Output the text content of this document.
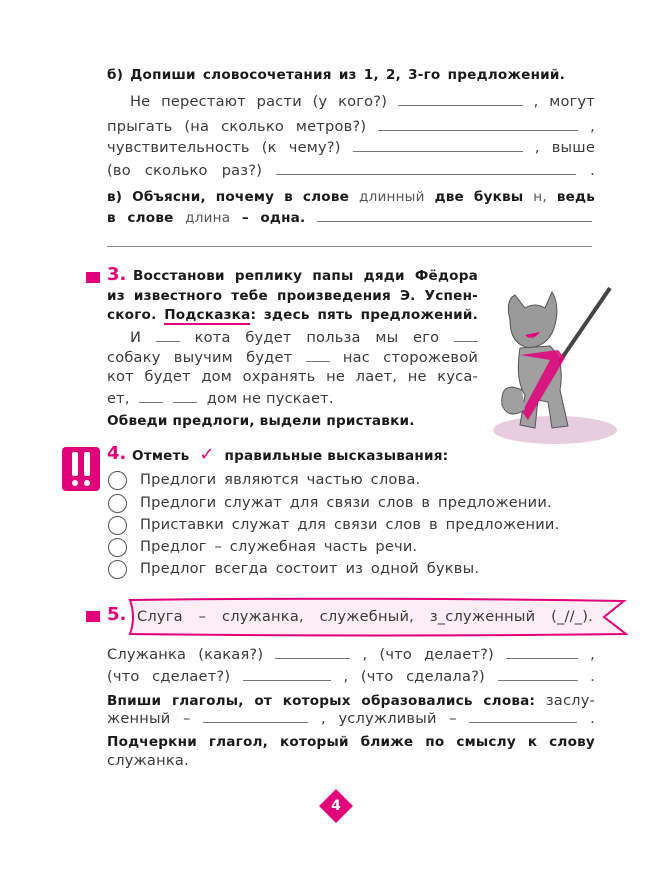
б) Допиши словосочетания из 1, 2, 3-го предложений.
Не перестают расти (у кого?)	, могут
прыгать (на сколько метров?)	,
чувствительность (к чему?)	, выше
(во сколько раз?)	.
в) Объясни, почему в слове длинный две буквы н, ведь
в слове длина – одна.
3. Восстанови реплику папы дяди Фёдора
из известного тебе произведения Э. Успен-
ского. Подсказка: здесь пять предложений.
И	кота будет польза мы его
собаку выучим будет	нас сторожевой
кот будет дом охранять не лает, не куса-
ет,	дом не пускает.
Обведи предлоги, выдели приставки.
4. Отметь ✓ правильные высказывания:
Предлоги являются частью слова.
Предлоги служат для связи слов в предложении.
Приставки служат для связи слов в предложении.
Предлог – служебная часть речи.
Предлог всегда состоит из одной буквы.
5. Слуга – служанка, служебный, з_служенный (_//_).
Служанка (какая?)	, (что делает?)	,
(что сделает?)	, (что сделала?)	.
Впиши глаголы, от которых образовались слова: заслу-
женный –	, услужливый –	.
Подчеркни глагол, который ближе по смыслу к слову
служанка.
4
